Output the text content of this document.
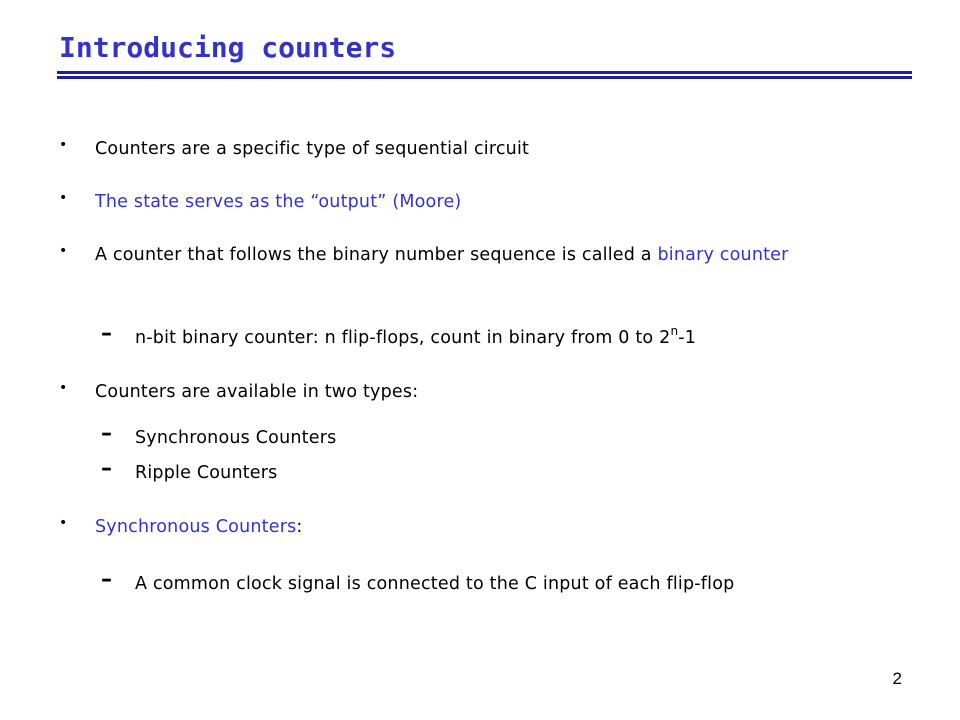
Introducing counters
• Counters are a specific type of sequential circuit
• The state serves as the “output” (Moore)
• A counter that follows the binary number sequence is called a binary counter
– n-bit binary counter: n flip-flops, count in binary from 0 to 2$^n$-1
• Counters are available in two types:
– Synchronous Counters
– Ripple Counters
• Synchronous Counters:
– A common clock signal is connected to the C input of each flip-flop
2
